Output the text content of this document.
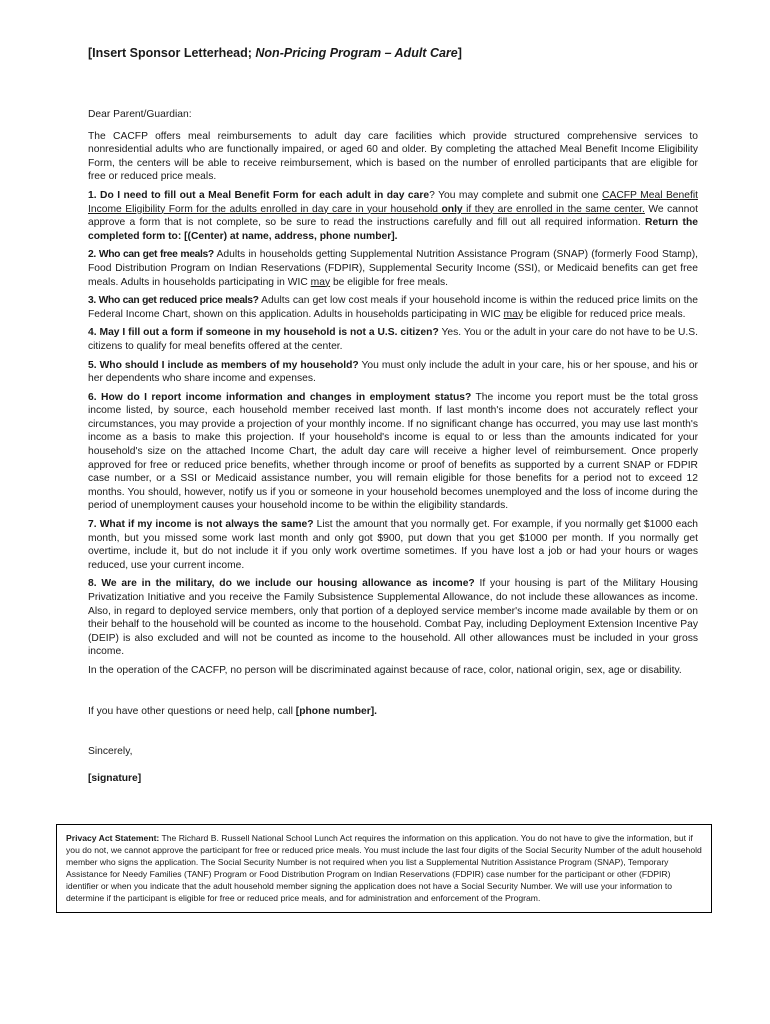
[Insert Sponsor Letterhead; Non-Pricing Program – Adult Care]

Dear Parent/Guardian:

The CACFP offers meal reimbursements to adult day care facilities which provide structured comprehensive services to nonresidential adults who are functionally impaired, or aged 60 and older. By completing the attached Meal Benefit Income Eligibility Form, the centers will be able to receive reimbursement, which is based on the number of enrolled participants that are eligible for free or reduced price meals.

1. Do I need to fill out a Meal Benefit Form for each adult in day care? You may complete and submit one CACFP Meal Benefit Income Eligibility Form for the adults enrolled in day care in your household only if they are enrolled in the same center. We cannot approve a form that is not complete, so be sure to read the instructions carefully and fill out all required information. Return the completed form to: [(Center) at name, address, phone number].

2. Who can get free meals? Adults in households getting Supplemental Nutrition Assistance Program (SNAP) (formerly Food Stamp), Food Distribution Program on Indian Reservations (FDPIR), Supplemental Security Income (SSI), or Medicaid benefits can get free meals. Adults in households participating in WIC may be eligible for free meals.

3. Who can get reduced price meals? Adults can get low cost meals if your household income is within the reduced price limits on the Federal Income Chart, shown on this application. Adults in households participating in WIC may be eligible for reduced price meals.

4. May I fill out a form if someone in my household is not a U.S. citizen? Yes. You or the adult in your care do not have to be U.S. citizens to qualify for meal benefits offered at the center.

5. Who should I include as members of my household? You must only include the adult in your care, his or her spouse, and his or her dependents who share income and expenses.

6. How do I report income information and changes in employment status? The income you report must be the total gross income listed, by source, each household member received last month. If last month's income does not accurately reflect your circumstances, you may provide a projection of your monthly income. If no significant change has occurred, you may use last month's income as a basis to make this projection. If your household's income is equal to or less than the amounts indicated for your household's size on the attached Income Chart, the adult day care will receive a higher level of reimbursement. Once properly approved for free or reduced price benefits, whether through income or proof of benefits as supported by a current SNAP or FDPIR case number, or a SSI or Medicaid assistance number, you will remain eligible for those benefits for a period not to exceed 12 months. You should, however, notify us if you or someone in your household becomes unemployed and the loss of income during the period of unemployment causes your household income to be within the eligibility standards.

7. What if my income is not always the same? List the amount that you normally get. For example, if you normally get $1000 each month, but you missed some work last month and only got $900, put down that you get $1000 per month. If you normally get overtime, include it, but do not include it if you only work overtime sometimes. If you have lost a job or had your hours or wages reduced, use your current income.

8. We are in the military, do we include our housing allowance as income? If your housing is part of the Military Housing Privatization Initiative and you receive the Family Subsistence Supplemental Allowance, do not include these allowances as income. Also, in regard to deployed service members, only that portion of a deployed service member's income made available by them or on their behalf to the household will be counted as income to the household. Combat Pay, including Deployment Extension Incentive Pay (DEIP) is also excluded and will not be counted as income to the household. All other allowances must be included in your gross income.

In the operation of the CACFP, no person will be discriminated against because of race, color, national origin, sex, age or disability.

If you have other questions or need help, call [phone number].

Sincerely,

[signature]

Privacy Act Statement: The Richard B. Russell National School Lunch Act requires the information on this application. You do not have to give the information, but if you do not, we cannot approve the participant for free or reduced price meals. You must include the last four digits of the Social Security Number of the adult household member who signs the application. The Social Security Number is not required when you list a Supplemental Nutrition Assistance Program (SNAP), Temporary Assistance for Needy Families (TANF) Program or Food Distribution Program on Indian Reservations (FDPIR) case number for the participant or other (FDPIR) identifier or when you indicate that the adult household member signing the application does not have a Social Security Number. We will use your information to determine if the participant is eligible for free or reduced price meals, and for administration and enforcement of the Program.
